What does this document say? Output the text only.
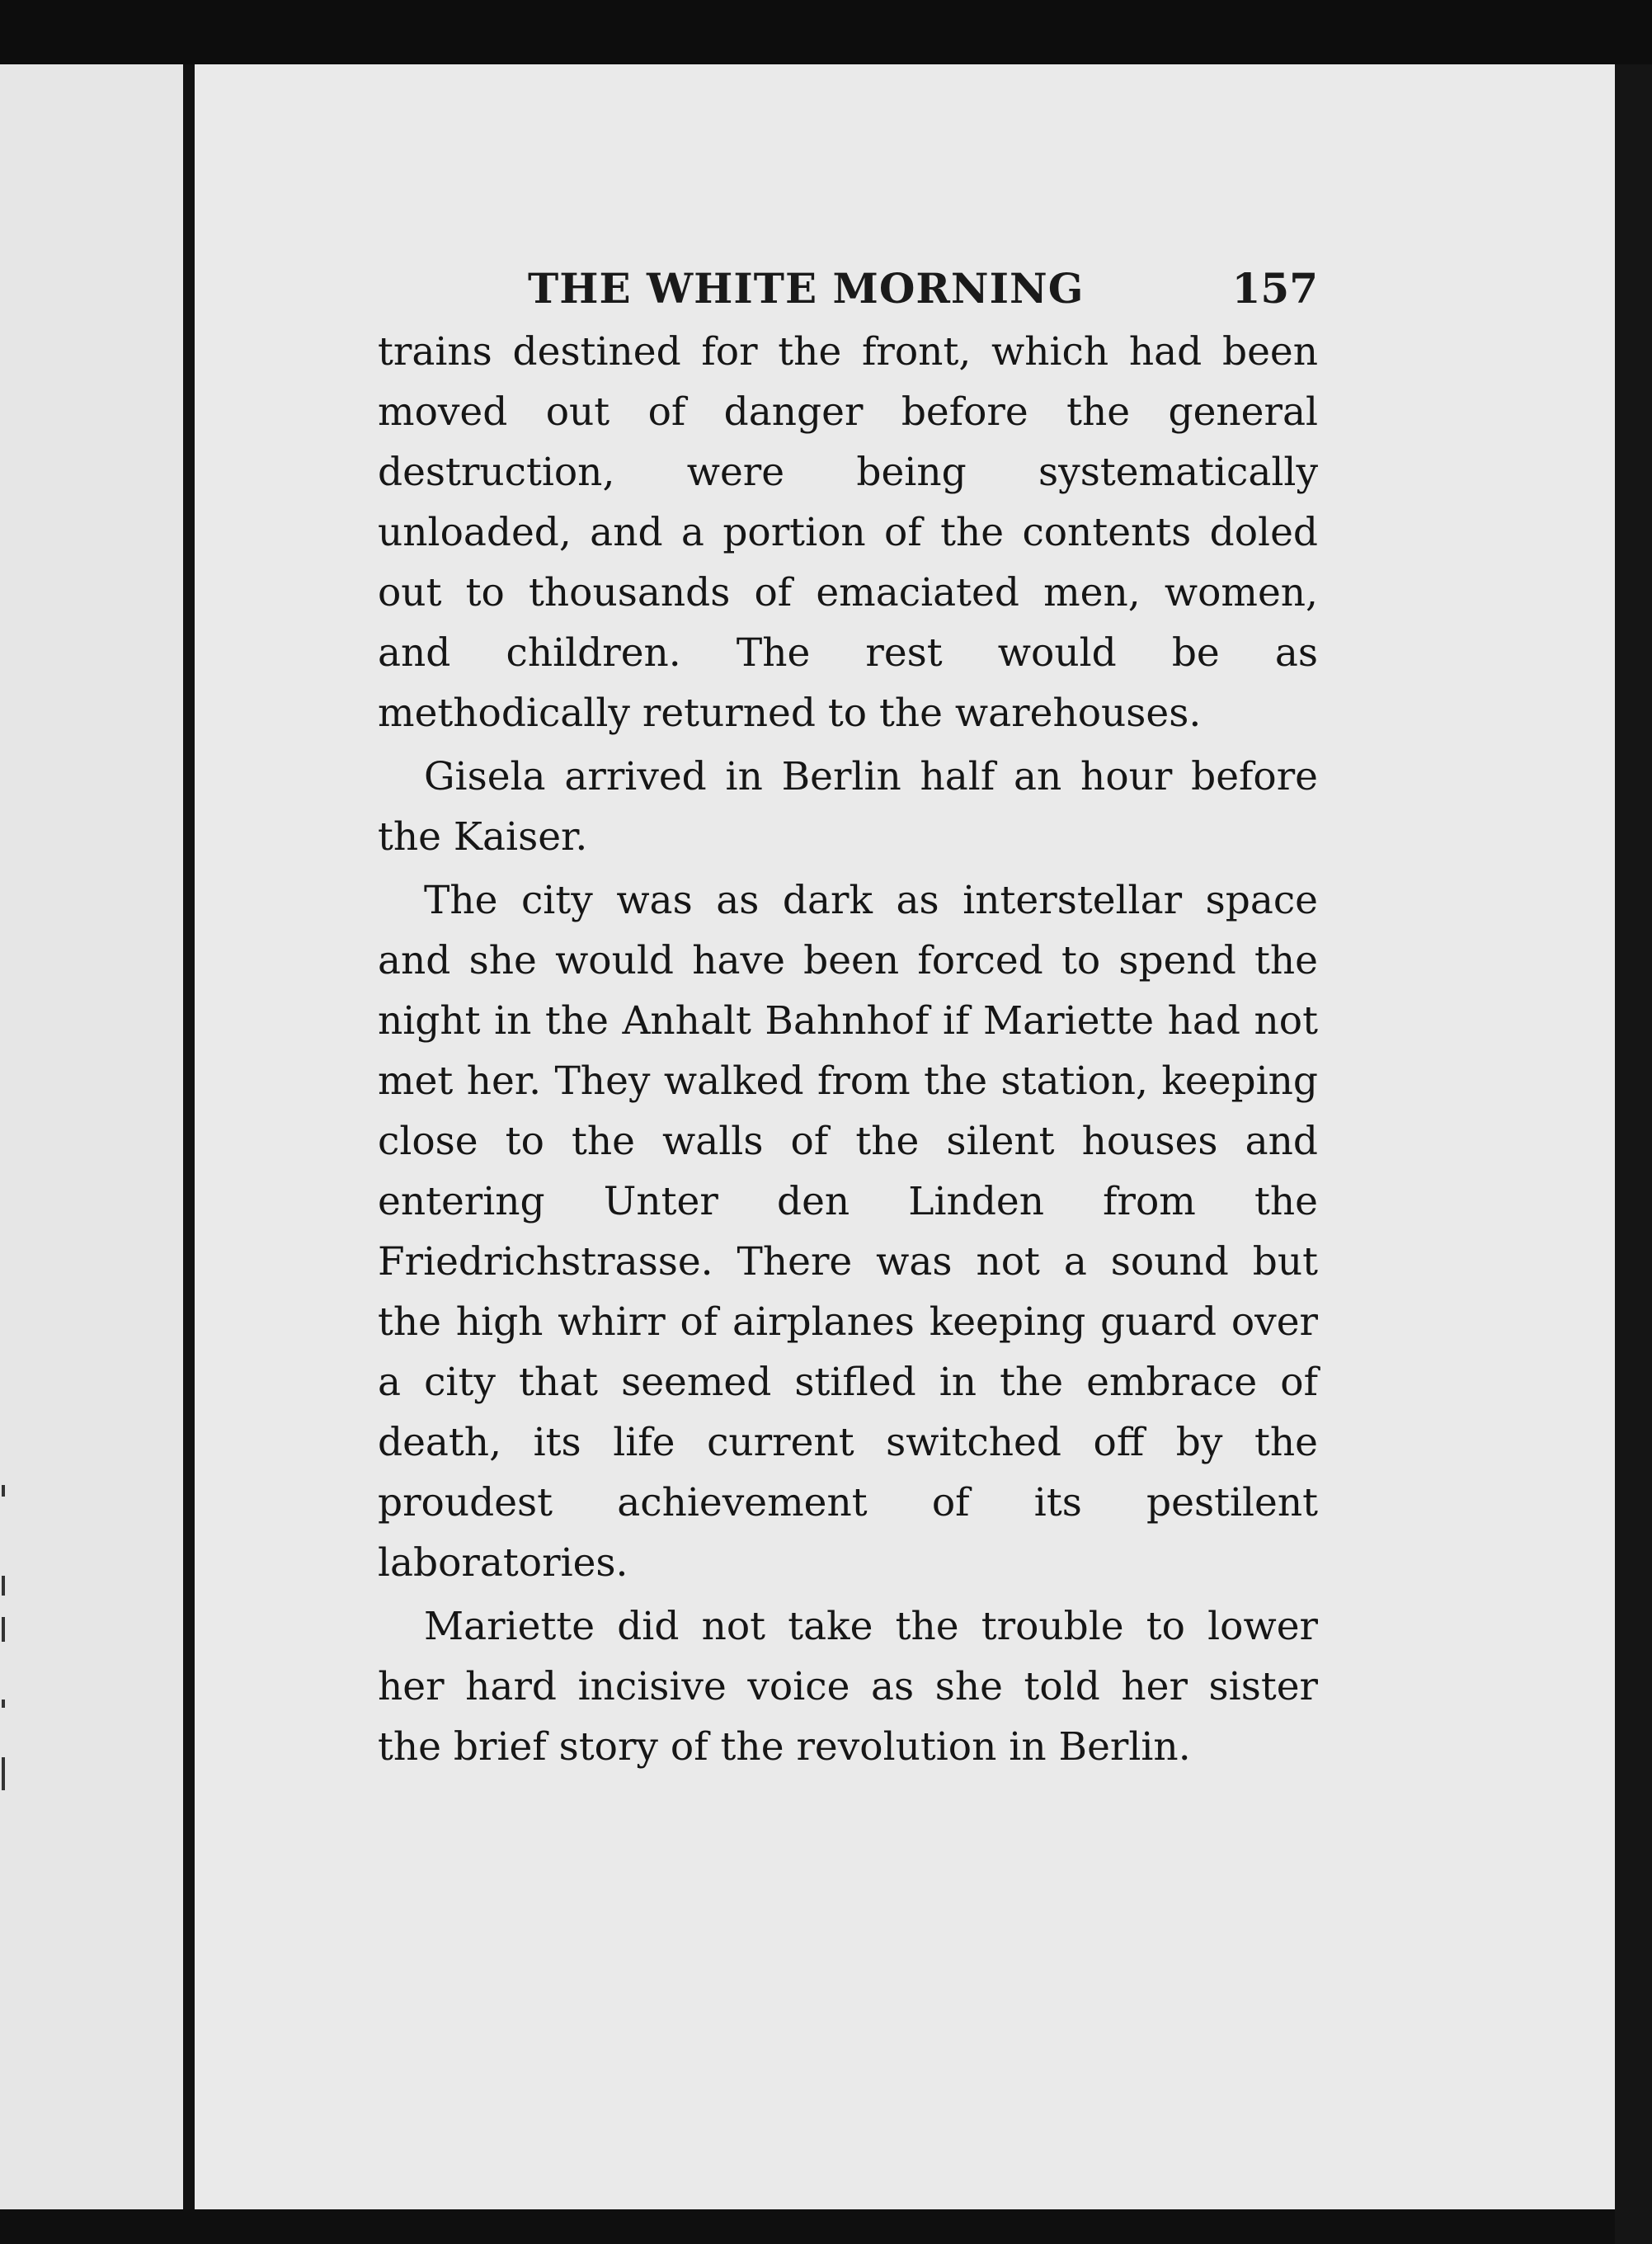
THE WHITE MORNING	157

trains destined for the front, which had been moved out of danger before the general destruction, were being systematically unloaded, and a portion of the contents doled out to thousands of emaciated men, women, and children. The rest would be as methodically returned to the warehouses.

Gisela arrived in Berlin half an hour before the Kaiser.

The city was as dark as interstellar space and she would have been forced to spend the night in the Anhalt Bahnhof if Mariette had not met her. They walked from the station, keeping close to the walls of the silent houses and entering Unter den Linden from the Friedrichstrasse. There was not a sound but the high whirr of airplanes keeping guard over a city that seemed stifled in the embrace of death, its life current switched off by the proudest achievement of its pestilent laboratories.

Mariette did not take the trouble to lower her hard incisive voice as she told her sister the brief story of the revolution in Berlin.
